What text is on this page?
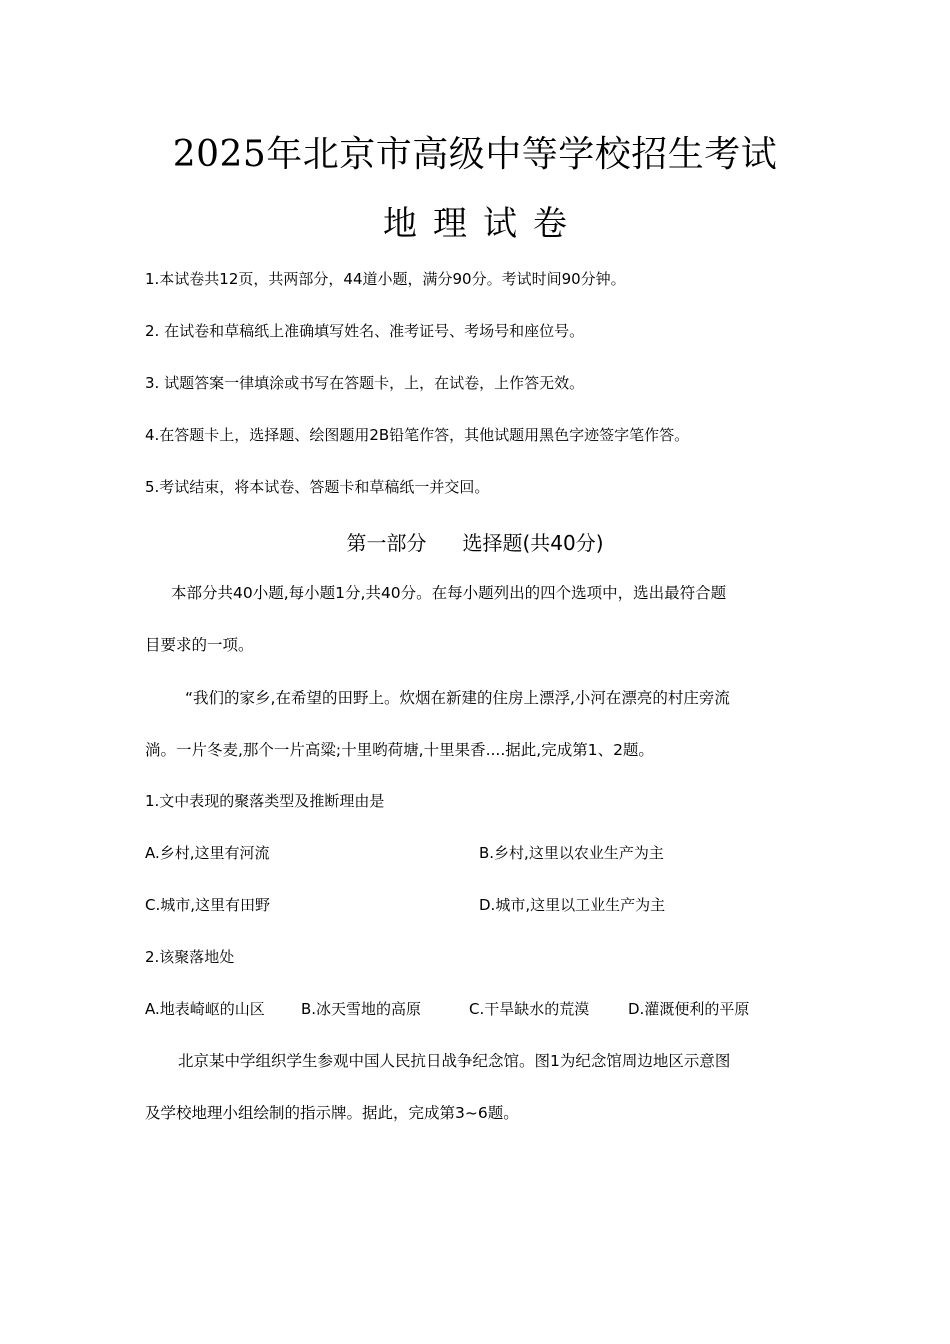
2025年北京市高级中等学校招生考试
地理试卷
1.本试卷共12页，共两部分，44道小题，满分90分。考试时间90分钟。
2. 在试卷和草稿纸上准确填写姓名、准考证号、考场号和座位号。
3. 试题答案一律填涂或书写在答题卡，上，在试卷，上作答无效。
4.在答题卡上，选择题、绘图题用2B铅笔作答，其他试题用黑色字迹签字笔作答。
5.考试结束，将本试卷、答题卡和草稿纸一并交回。
第一部分 选择题(共40分)
本部分共40小题,每小题1分,共40分。在每小题列出的四个选项中，选出最符合题
目要求的一项。
“我们的家乡,在希望的田野上。炊烟在新建的住房上漂浮,小河在漂亮的村庄旁流
淌。一片冬麦,那个一片高粱;十里哟荷塘,十里果香....据此,完成第1、2题。
1.文中表现的聚落类型及推断理由是
A.乡村,这里有河流	B.乡村,这里以农业生产为主
C.城市,这里有田野	D.城市,这里以工业生产为主
2.该聚落地处
A.地表崎岖的山区 B.冰天雪地的高原	C.干旱缺水的荒漠	D.灌溉便利的平原
北京某中学组织学生参观中国人民抗日战争纪念馆。图1为纪念馆周边地区示意图
及学校地理小组绘制的指示牌。据此，完成第3~6题。
